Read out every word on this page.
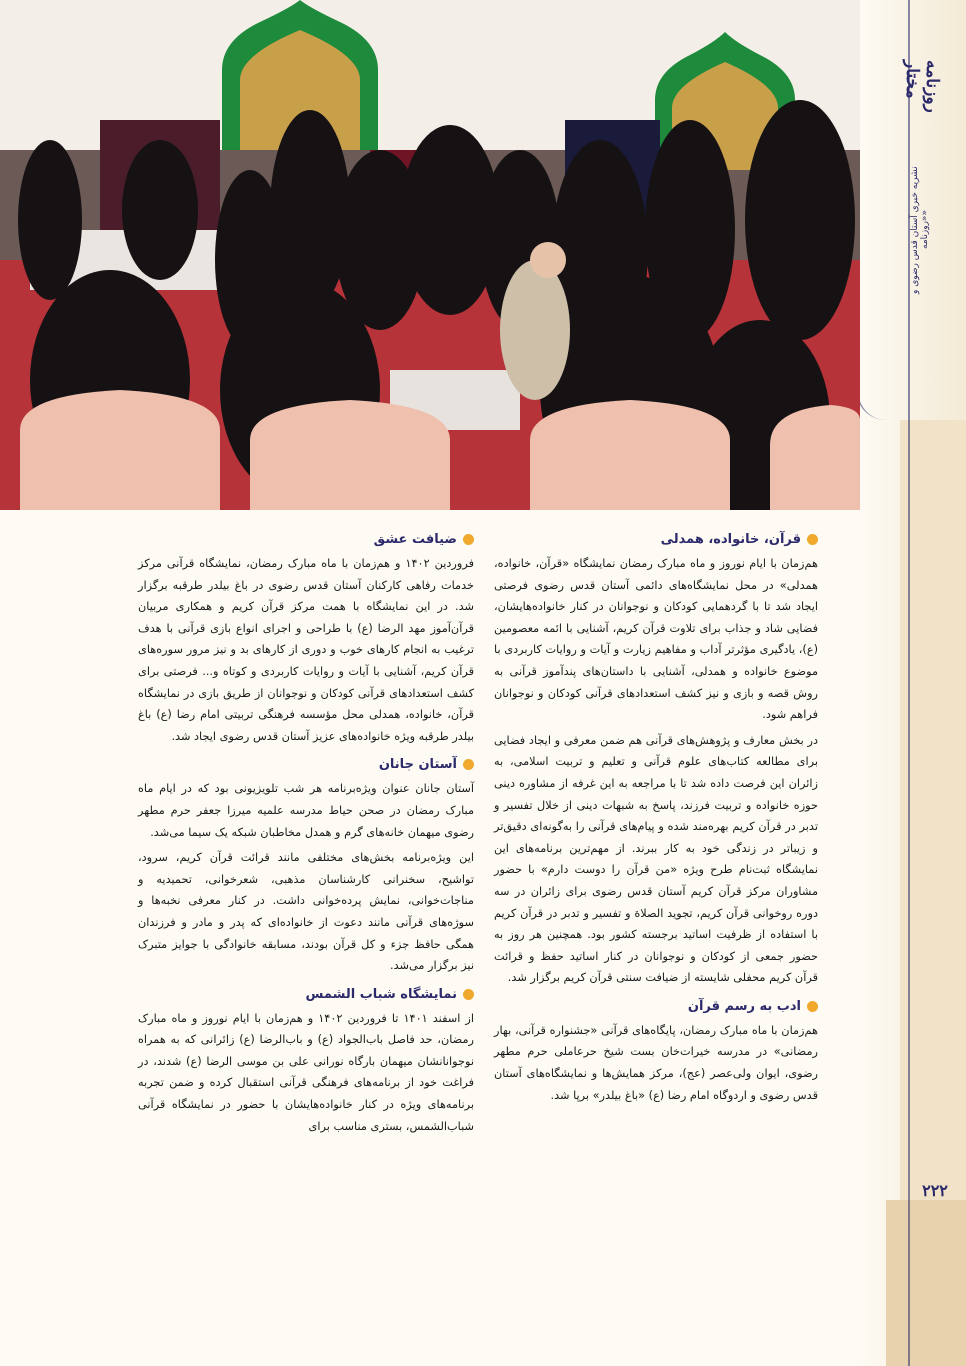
روزنامه مختار
نشریه خبری آستان قدس رضوی و «روزنامه»
قرآن، خانواده، همدلی

هم‌زمان با ایام نوروز و ماه مبارک رمضان نمایشگاه «قرآن، خانواده، همدلی» در محل نمایشگاه‌های دائمی آستان قدس رضوی فرصتی ایجاد شد تا با گردهمایی کودکان و نوجوانان در کنار خانواده‌هایشان، فضایی شاد و جذاب برای تلاوت قرآن کریم، آشنایی با ائمه معصومین (ع)، یادگیری مؤثرتر آداب و مفاهیم زیارت و آیات و روایات کاربردی با موضوع خانواده و همدلی، آشنایی با داستان‌های پندآموز قرآنی به روش قصه و بازی و نیز کشف استعدادهای قرآنی کودکان و نوجوانان فراهم شود.

در بخش معارف و پژوهش‌های قرآنی هم ضمن معرفی و ایجاد فضایی برای مطالعه کتاب‌های علوم قرآنی و تعلیم و تربیت اسلامی، به زائران این فرصت داده شد تا با مراجعه به این غرفه از مشاوره دینی حوزه خانواده و تربیت فرزند، پاسخ به شبهات دینی از خلال تفسیر و تدبر در قرآن کریم بهره‌مند شده و پیام‌های قرآنی را به‌گونه‌ای دقیق‌تر و زیباتر در زندگی خود به کار ببرند. از مهم‌ترین برنامه‌های این نمایشگاه ثبت‌نام طرح ویژه «من قرآن را دوست دارم» با حضور مشاوران مرکز قرآن کریم آستان قدس رضوی برای زائران در سه دوره روخوانی قرآن کریم، تجوید الصلاة و تفسیر و تدبر در قرآن کریم با استفاده از ظرفیت اساتید برجسته کشور بود. همچنین هر روز به حضور جمعی از کودکان و نوجوانان در کنار اساتید حفظ و قرائت قرآن کریم محفلی شایسته از ضیافت سنتی قرآن کریم برگزار شد.

ادب به رسم قرآن

هم‌زمان با ماه مبارک رمضان، پایگاه‌های قرآنی «جشنواره قرآنی، بهار رمضانی» در مدرسه خیرات‌خان بست شیخ حرعاملی حرم مطهر رضوی، ایوان ولی‌عصر (عج)، مرکز همایش‌ها و نمایشگاه‌های آستان قدس رضوی و اردوگاه امام رضا (ع) «باغ بیلدر» برپا شد.

ضیافت عشق

فروردین ۱۴۰۲ و هم‌زمان با ماه مبارک رمضان، نمایشگاه قرآنی مرکز خدمات رفاهی کارکنان آستان قدس رضوی در باغ بیلدر طرقبه برگزار شد. در این نمایشگاه با همت مرکز قرآن کریم و همکاری مربیان قرآن‌آموز مهد الرضا (ع) با طراحی و اجرای انواع بازی قرآنی با هدف ترغیب به انجام کارهای خوب و دوری از کارهای بد و نیز مرور سوره‌های قرآن کریم، آشنایی با آیات و روایات کاربردی و کوتاه و... فرصتی برای کشف استعدادهای قرآنی کودکان و نوجوانان از طریق بازی در نمایشگاه قرآن، خانواده، همدلی محل مؤسسه فرهنگی تربیتی امام رضا (ع) باغ بیلدر طرقبه ویژه خانواده‌های عزیز آستان قدس رضوی ایجاد شد.

آستان جانان

آستان جانان عنوان ویژه‌برنامه هر شب تلویزیونی بود که در ایام ماه مبارک رمضان در صحن حیاط مدرسه علمیه میرزا جعفر حرم مطهر رضوی میهمان خانه‌های گرم و همدل مخاطبان شبکه یک سیما می‌شد.

این ویژه‌برنامه بخش‌های مختلفی مانند قرائت قرآن کریم، سرود، تواشیح، سخنرانی کارشناسان مذهبی، شعرخوانی، تحمیدیه و مناجات‌خوانی، نمایش پرده‌خوانی داشت. در کنار معرفی نخبه‌ها و سوژه‌های قرآنی مانند دعوت از خانواده‌ای که پدر و مادر و فرزندان همگی حافظ جزء و کل قرآن بودند، مسابقه خانوادگی با جوایز متبرک نیز برگزار می‌شد.

نمایشگاه شباب الشمس

از اسفند ۱۴۰۱ تا فروردین ۱۴۰۲ و هم‌زمان با ایام نوروز و ماه مبارک رمضان، حد فاصل باب‌الجواد (ع) و باب‌الرضا (ع) زائرانی که به همراه نوجوانانشان میهمان بارگاه نورانی علی بن موسی الرضا (ع) شدند، در فراغت خود از برنامه‌های فرهنگی قرآنی استقبال کرده و ضمن تجربه برنامه‌های ویژه در کنار خانواده‌هایشان با حضور در نمایشگاه قرآنی شباب‌الشمس، بستری مناسب برای

۲۲۲
